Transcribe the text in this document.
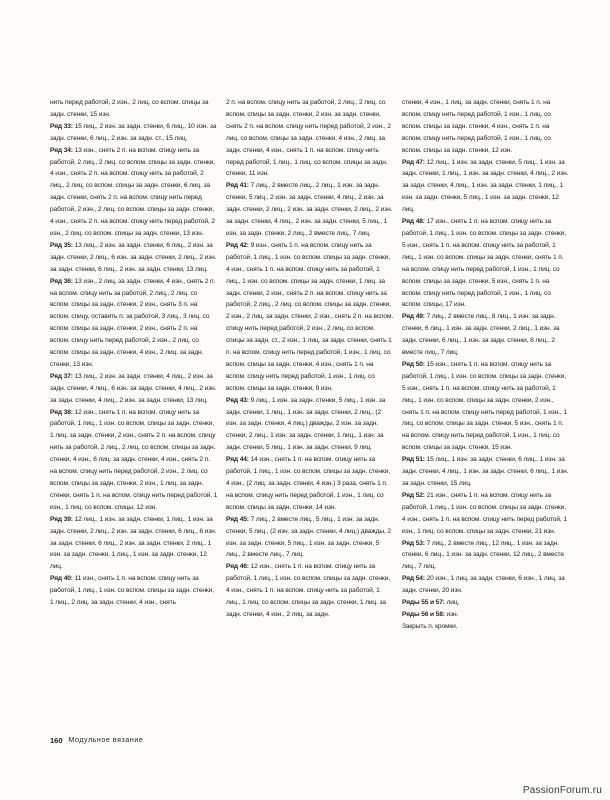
нить перед работой, 2 изн., 2 лиц. со вспом. спицы за задн. стенки, 15 изн.

Ряд 33: 15 лиц., 2 изн. за задн. стенки, 6 лиц., 10 изн. за задн. стенки, 6 лиц., 2 изн. за задн. ст., 15 лиц.

Ряд 34: 13 изн., снять 2 п. на вспом. спицу нить за работой, 2 лиц., 2 лиц. со вспом. спицы за задн. стенки, 4 изн., снять 2 п. на вспом. спицу нить за работой, 2 лиц., 2 лиц. со вспом. спицы за задн. стенки, 6 лиц. за задн. стенки, снять 2 п. на вспом. спицу нить перед работой, 2 изн., 2 лиц. со вспом. спицы за задн. стенки, 4 изн., снять 2 п. на вспом. спицу нить перед работой, 2 изн., 2 лиц. со вспом. спицы за задн. стенки, 13 изн.

Ряд 35: 13 лиц., 2 изн. за задн. стенки, 6 лиц., 2 изн. за задн. стенки, 2 лиц., 6 изн. за задн. стенки, 2 лиц., 2 изн. за задн. стенки, 6 лиц., 2 изн. за задн. стенки, 13 лиц.

Ряд 36: 13 изн., 2 лиц. за задн. стенки, 4 изн., снять 2 п. на вспом. спицу нить за работой, 2 лиц., 2 лиц. со вспом. спицы за задн. стенки, 2 изн., снять 3 п. на вспом. спицу, оставить п. за работой, 3 лиц., 3 лиц. со вспом. спицы за задн. стенки, 2 изн., снять 2 п. на вспом. спицу нить перед работой, 2 изн., 2 лиц. со вспом. спицы за задн. стенки, 4 изн., 2 лиц. за задн. стенки, 13 изн.

Ряд 37: 13 лиц., 2 изн. за задн. стенки, 4 лиц., 2 изн. за задн. стенки, 4 лиц., 6 изн. за задн. стенки, 4 лиц., 2 изн. за задн. стенки, 4 лиц., 2 изн. за задн. стенки, 13 лиц.

Ряд 38: 12 изн., снять 1 п. на вспом. спицу нить за работой, 1 лиц., 1 изн. со вспом. спицы за задн. стенки, 1 лиц. за задн. стенки, 2 изн., снять 2 п. на вспом. спицу нить за работой, 2 лиц., 2 лиц. со вспом. спицы за задн. стенки, 4 изн., 6 лиц. за задн. стенки, 4 изн., снять 2 п. на вспом. спицу нить перед работой, 2 изн., 2 лиц. со вспом. спицы за задн. стенки, 2 изн., 1 лиц. за задн. стенки, снять 1 п. на вспом. спицу нить перед работой, 1 изн., 1 лиц. со вспом. спицы, 12 изн.

Ряд 39: 12 лиц., 1 изн. за задн. стенки, 1 лиц., 1 изн. за задн. стенки, 2 лиц., 2 изн. за задн. стенки, 6 лиц., 6 изн. за задн. стенки, 6 лиц., 2 изн. за задн. стенки, 2 лиц., 1 изн. за задн. стенки, 1 лиц., 1 изн. за задн. стенки, 12 лиц.

Ряд 40: 11 изн., снять 1 п. на вспом. спицу нить за работой, 1 лиц., 1 изн. со вспом. спицы за задн. стенки, 1 лиц., 2 лиц. за задн. стенки, 4 изн., снять

2 п. на вспом. спицу нить за работой, 2 лиц., 2 лиц. со вспом. спицы за задн. стенки, 2 изн. за задн. стенки, снять 2 п. на вспом. спицу нить перед работой, 2 изн., 2 лиц. со вспом. спицы за задн. стенки, 4 изн., 2 лиц. за задн. стенки, 4 изн., снять 1 п. на вспом. спицу нить перед работой, 1 лиц., 1 лиц. со вспом. спицы за задн. стенки, 11 изн.

Ряд 41: 7 лиц., 2 вместе лиц., 2 лиц., 1 изн. за задн. стенки, 5 лиц., 2 изн. за задн. стенки, 4 лиц., 2 изн. за задн. стенки, 2 лиц., 2 изн. за задн. стенки, 2 лиц., 2 изн. за задн. стенки, 4 лиц., 2 изн. за задн. стенки, 5 лиц., 1 изн. за задн. стенки, 2 лиц., 2 вместе лиц., 7 лиц.

Ряд 42: 9 изн., снять 1 п. на вспом. спицу нить за работой, 1 лиц., 1 изн. со вспом. спицы за задн. стенки, 4 изн., снять 1 п. на вспом. спицу нить за работой, 1 лиц., 1 изн. со вспом. спицы за задн. стенки, 1 лиц. за задн. стенки, 2 изн., снять 2 п. на вспом. спицу нить за работой, 2 лиц., 2 лиц. со вспом. спицы за задн. стенки, 2 изн., 2 лиц. за задн. стенки, 2 изн., снять 2 п. на вспом. спицу нить перед работой, 2 изн., 2 лиц. со вспом. спицы за задн. ст., 2 изн., 1 лиц. за задн. стенки, снять 1 п. на вспом. спицу нить перед работой, 1 изн., 1 лиц. со вспом. спицы за задн. стенки, 4 изн., снять 1 п. на вспом. спицу нить перед работой, 1 изн., 1 лиц. со вспом. спицы за задн. стенки, 9 изн.

Ряд 43: 9 лиц., 1 изн. за задн. стенки, 5 лиц., 1 изн. за задн. стенки, 1 лиц., 1 изн. за задн. стенки, 2 лиц., (2 изн. за задн. стенки, 4 лиц.) дважды, 2 изн. за задн. стенки, 2 лиц., 1 изн. за задн. стенки, 1 лиц., 1 изн. за задн. стенки, 5 лиц., 1 изн. за задн. стенки, 9 лиц.

Ряд 44: 14 изн., снять 1 п. на вспом. спицу нить за работой, 1 лиц., 1 изн. со вспом. спицы за задн. стенки, 4 изн., (2 лиц. за задн. стенки, 4 изн.) 3 раза, снять 1 п. на вспом. спицу нить перед работой, 1 изн., 1 лиц. со вспом. спицы за задн. стенки, 14 изн.

Ряд 45: 7 лиц., 2 вместе лиц., 5 лиц., 1 изн. за задн. стенки, 5 лиц., (2 изн. за задн. стенки, 4 лиц.) дважды, 2 изн. за задн. стенки, 5 лиц., 1 изн. за задн. стенки, 5 лиц., 2 вместе лиц., 7 лиц.

Ряд 46: 12 изн., снять 1 п. на вспом. спицу нить за работой, 1 лиц., 1 изн. со вспом. спицы за задн. стенки, 4 изн., снять 1 п. на вспом. спицу нить за работой, 1 лиц., 1 лиц. со вспом. спицы за задн. стенки, 1 лиц. за задн. стенки, 4 изн., 2 лиц. за задн.

стенки, 4 изн., 1 лиц. за задн. стенки, снять 1 п. на вспом. спицу нить перед работой, 1 изн., 1 лиц. со вспом. спицы за задн. стенки, 4 изн., снять 1 п. на вспом. спицу нить перед работой, 1 изн., 1 лиц. со вспом. спицы за задн. стенки, 12 изн.

Ряд 47: 12 лиц., 1 изн. за задн. стенки, 5 лиц., 1 изн. за задн. стенки, 1 лиц., 1 изн. за задн. стенки, 4 лиц., 2 изн. за задн. стенки, 4 лиц., 1 изн. за задн. стенки, 1 лиц., 1 изн. за задн. стенки, 5 лиц., 1 изн. за задн. стенки, 12 лиц.

Ряд 48: 17 изн., снять 1 п. на вспом. спицу нить за работой, 1 лиц., 1 изн. со вспом. спицы за задн. стенки, 5 изн., снять 1 п. на вспом. спицу нить за работой, 1 лиц., 1 изн. со вспом. спицы за задн. стенки, снять 1 п. на вспом. спицу нить перед работой, 1 изн., 1 лиц. со вспом. спицы за задн. стенки, 5 изн., снять 1 п. на вспом. спицу нить перед работой, 1 изн., 1 лиц. со вспом. спицы, 17 изн.

Ряд 49: 7 лиц., 2 вместе лиц., 8 лиц., 1 изн. за задн. стенки, 6 лиц., 1 изн. за задн. стенки, 2 лиц., 1 изн. за задн. стенки, 6 лиц., 1 изн. за задн. стенки, 8 лиц., 2 вместе лиц., 7 лиц.

Ряд 50: 15 изн., снять 1 п. на вспом. спицу нить за работой, 1 лиц., 1 изн. со вспом. спицы за задн. стенки, 5 изн., снять 1 п. на вспом. спицу нить за работой, 1 лиц., 1 изн. со вспом. спицы за задн. стенки, 2 изн., снять 1 п. на вспом. спицу нить перед работой, 1 изн., 1 лиц. со вспом. спицы за задн. стенки, 5 изн., снять 1 п. на вспом. спицу нить перед работой, 1 изн., 1 лиц. со вспом. спицы за задн. стенки, 15 изн.

Ряд 51: 15 лиц., 1 изн. за задн. стенки, 6 лиц., 1 изн. за задн. стенки, 4 лиц., 1 изн. за задн. стенки, 6 лиц., 1 изн. за задн. стенки, 15 лиц.

Ряд 52: 21 изн., снять 1 п. на вспом. спицу нить за работой, 1 лиц., 1 изн. со вспом. спицы за задн. стенки, 4 изн., снять 1 п. на вспом. спицу нить перед работой, 1 изн., 1 лиц. со вспом. спицы за задн. стенки, 21 изн.

Ряд 53: 7 лиц., 2 вместе лиц., 12 лиц., 1 изн. за задн. стенки, 6 лиц., 1 изн. за задн. стенки, 12 лиц., 2 вместе лиц., 7 лиц.

Ряд 54: 20 изн., 1 лиц. за задн. стенки, 6 изн., 1 лиц. за задн. стенки, 20 изн.

Ряды 55 и 57: лиц.

Ряды 56 и 58: изн.

Закрыть п. кромки.

160 Модульное вязание
PassionForum.ru
